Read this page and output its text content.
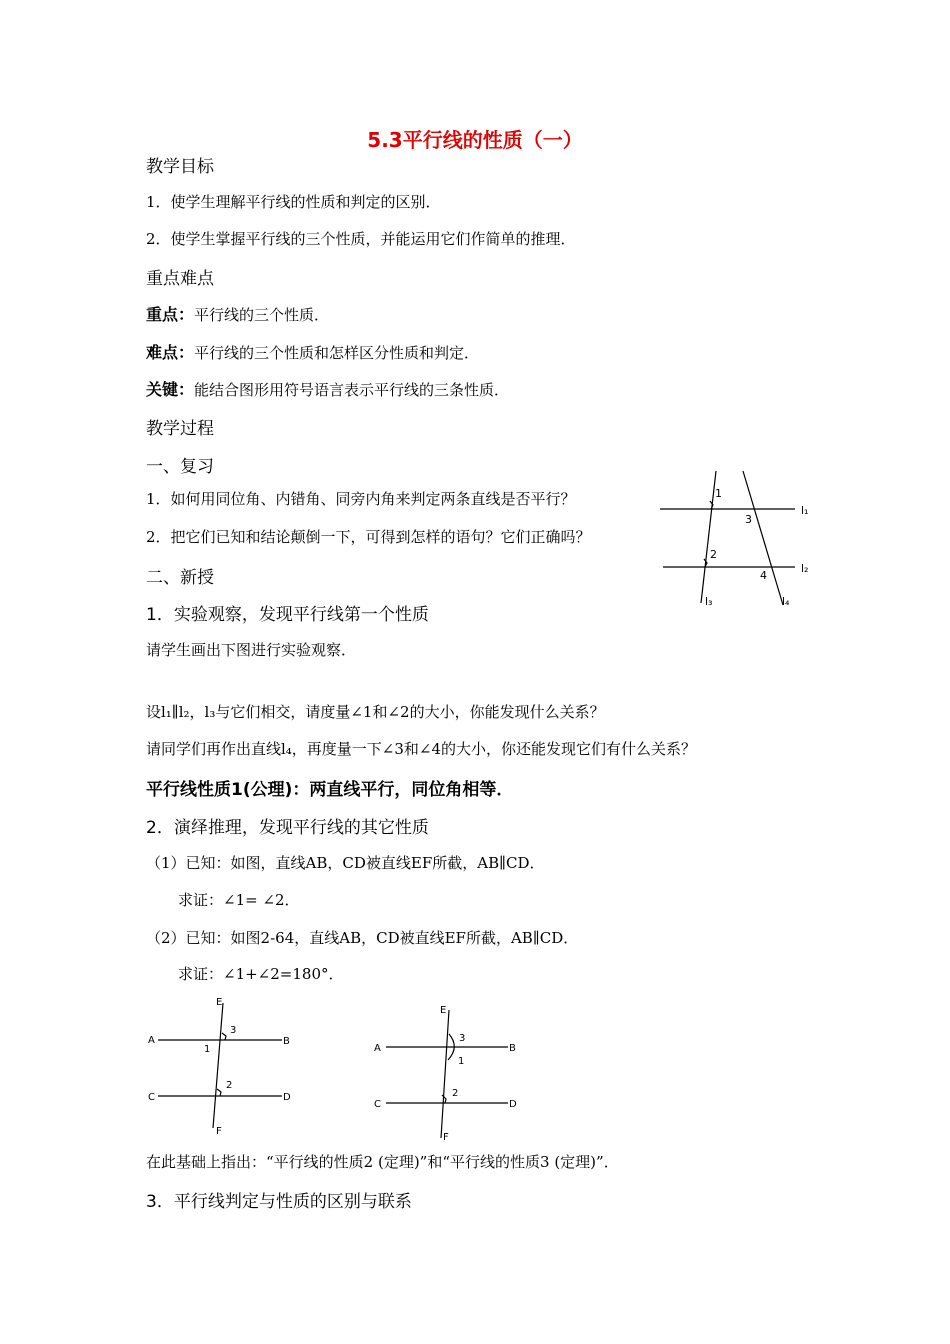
5.3平行线的性质（一）
教学目标
1．使学生理解平行线的性质和判定的区别．
2．使学生掌握平行线的三个性质，并能运用它们作简单的推理．
重点难点
重点：平行线的三个性质．
难点：平行线的三个性质和怎样区分性质和判定．
关键：能结合图形用符号语言表示平行线的三条性质．
教学过程
一、复习
1．如何用同位角、内错角、同旁内角来判定两条直线是否平行？
2．把它们已知和结论颠倒一下，可得到怎样的语句？它们正确吗？
二、新授
1．实验观察，发现平行线第一个性质
请学生画出下图进行实验观察．
设l₁∥l₂，l₃与它们相交，请度量∠1和∠2的大小，你能发现什么关系？
请同学们再作出直线l₄，再度量一下∠3和∠4的大小，你还能发现它们有什么关系？
平行线性质1(公理)：两直线平行，同位角相等．
2．演绎推理，发现平行线的其它性质
（1）已知：如图，直线AB，CD被直线EF所截，AB∥CD．
求证：∠1= ∠2．
（2）已知：如图2-64，直线AB，CD被直线EF所截，AB∥CD．
求证：∠1+∠2=180°．
在此基础上指出：“平行线的性质2 (定理)”和“平行线的性质3 (定理)”．
3．平行线判定与性质的区别与联系
1
3
2
4
l₁
l₂
l₃	l₄
E
3
A
1
B
2
C	D
F
E
3
A
1
B
2
C	D
F
